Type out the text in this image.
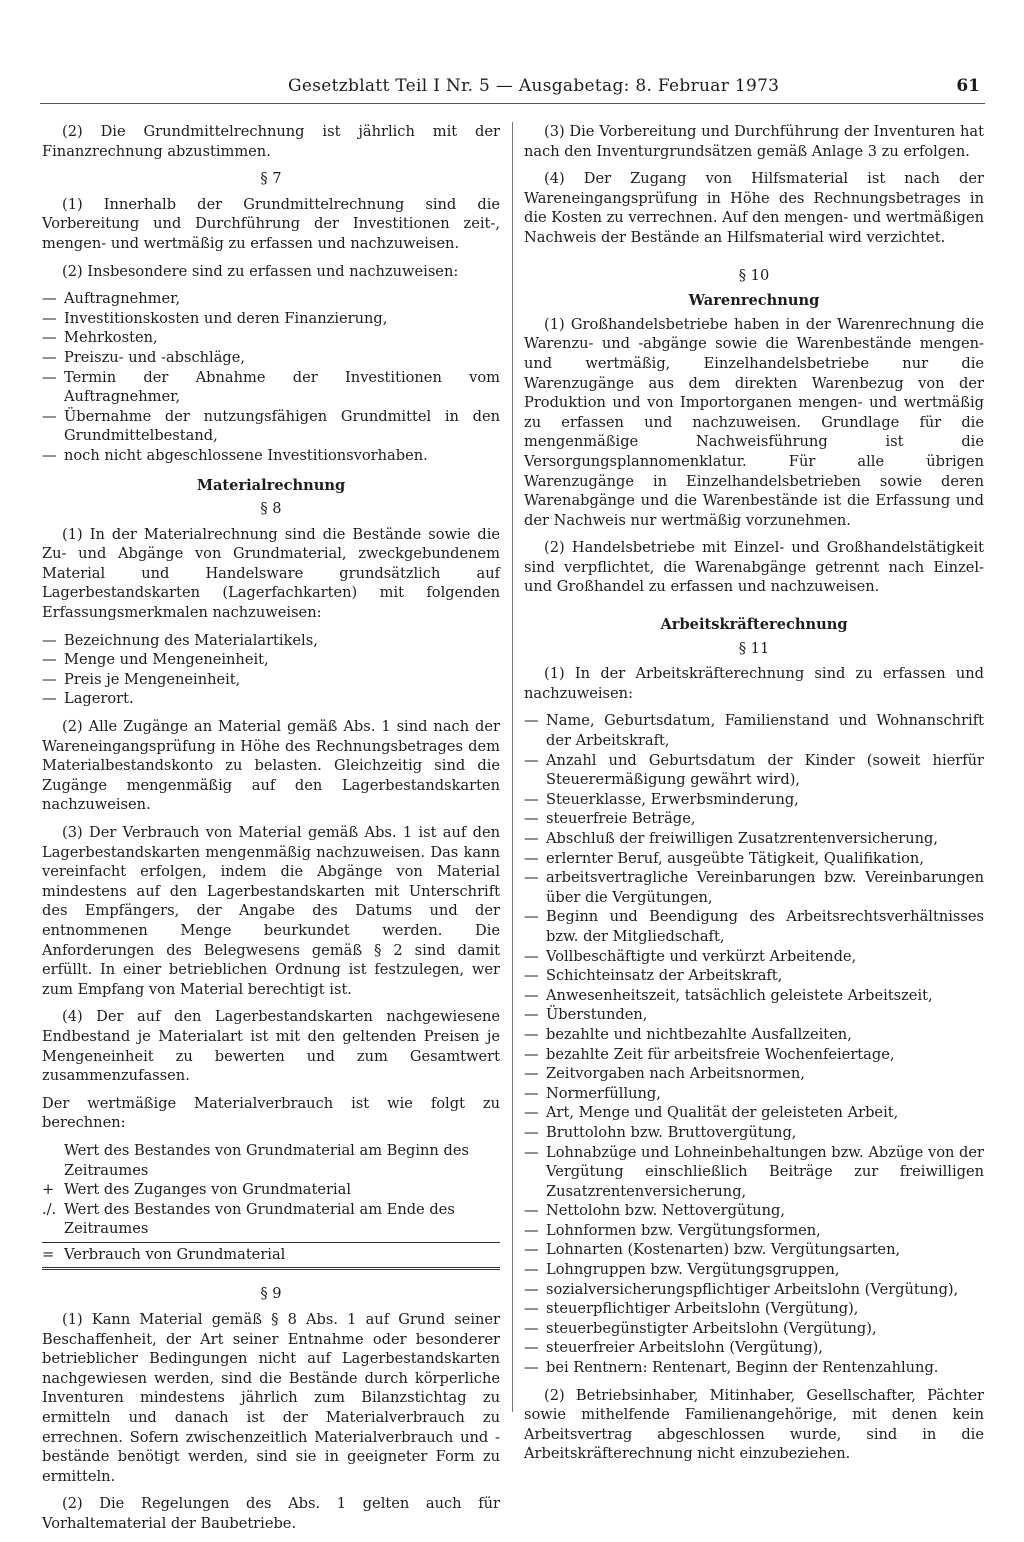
Gesetzblatt Teil I Nr. 5 — Ausgabetag: 8. Februar 1973	61

(2) Die Grundmittelrechnung ist jährlich mit der Finanzrechnung abzustimmen.

§ 7

(1) Innerhalb der Grundmittelrechnung sind die Vorbereitung und Durchführung der Investitionen zeit-, mengen- und wertmäßig zu erfassen und nachzuweisen.

(2) Insbesondere sind zu erfassen und nachzuweisen:

— Auftragnehmer,
— Investitionskosten und deren Finanzierung,
— Mehrkosten,
— Preiszu- und -abschläge,
— Termin der Abnahme der Investitionen vom Auftragnehmer,
— Übernahme der nutzungsfähigen Grundmittel in den Grundmittelbestand,
— noch nicht abgeschlossene Investitionsvorhaben.
Materialrechnung
§ 8

(1) In der Materialrechnung sind die Bestände sowie die Zu- und Abgänge von Grundmaterial, zweckgebundenem Material und Handelsware grundsätzlich auf Lagerbestandskarten (Lagerfachkarten) mit folgenden Erfassungsmerkmalen nachzuweisen:

— Bezeichnung des Materialartikels,
— Menge und Mengeneinheit,
— Preis je Mengeneinheit,
— Lagerort.

(2) Alle Zugänge an Material gemäß Abs. 1 sind nach der Wareneingangsprüfung in Höhe des Rechnungsbetrages dem Materialbestandskonto zu belasten. Gleichzeitig sind die Zugänge mengenmäßig auf den Lagerbestandskarten nachzuweisen.

(3) Der Verbrauch von Material gemäß Abs. 1 ist auf den Lagerbestandskarten mengenmäßig nachzuweisen. Das kann vereinfacht erfolgen, indem die Abgänge von Material mindestens auf den Lagerbestandskarten mit Unterschrift des Empfängers, der Angabe des Datums und der entnommenen Menge beurkundet werden. Die Anforderungen des Belegwesens gemäß § 2 sind damit erfüllt. In einer betrieblichen Ordnung ist festzulegen, wer zum Empfang von Material berechtigt ist.

(4) Der auf den Lagerbestandskarten nachgewiesene Endbestand je Materialart ist mit den geltenden Preisen je Mengeneinheit zu bewerten und zum Gesamtwert zusammenzufassen.

Der wertmäßige Materialverbrauch ist wie folgt zu berechnen:

Wert des Bestandes von Grundmaterial am Beginn des Zeitraumes
+ Wert des Zuganges von Grundmaterial
./. Wert des Bestandes von Grundmaterial am Ende des Zeitraumes
= Verbrauch von Grundmaterial
§ 9

(1) Kann Material gemäß § 8 Abs. 1 auf Grund seiner Beschaffenheit, der Art seiner Entnahme oder besonderer betrieblicher Bedingungen nicht auf Lagerbestandskarten nachgewiesen werden, sind die Bestände durch körperliche Inventuren mindestens jährlich zum Bilanzstichtag zu ermitteln und danach ist der Materialverbrauch zu errechnen. Sofern zwischenzeitlich Materialverbrauch und -bestände benötigt werden, sind sie in geeigneter Form zu ermitteln.

(2) Die Regelungen des Abs. 1 gelten auch für Vorhaltematerial der Baubetriebe.

(3) Die Vorbereitung und Durchführung der Inventuren hat nach den Inventurgrundsätzen gemäß Anlage 3 zu erfolgen.

(4) Der Zugang von Hilfsmaterial ist nach der Wareneingangsprüfung in Höhe des Rechnungsbetrages in die Kosten zu verrechnen. Auf den mengen- und wertmäßigen Nachweis der Bestände an Hilfsmaterial wird verzichtet.

§ 10
Warenrechnung

(1) Großhandelsbetriebe haben in der Warenrechnung die Warenzu- und -abgänge sowie die Warenbestände mengen- und wertmäßig, Einzelhandelsbetriebe nur die Warenzugänge aus dem direkten Warenbezug von der Produktion und von Importorganen mengen- und wertmäßig zu erfassen und nachzuweisen. Grundlage für die mengenmäßige Nachweisführung ist die Versorgungsplannomenklatur. Für alle übrigen Warenzugänge in Einzelhandelsbetrieben sowie deren Warenabgänge und die Warenbestände ist die Erfassung und der Nachweis nur wertmäßig vorzunehmen.

(2) Handelsbetriebe mit Einzel- und Großhandelstätigkeit sind verpflichtet, die Warenabgänge getrennt nach Einzel- und Großhandel zu erfassen und nachzuweisen.

Arbeitskräfterechnung
§ 11

(1) In der Arbeitskräfterechnung sind zu erfassen und nachzuweisen:

— Name, Geburtsdatum, Familienstand und Wohnanschrift der Arbeitskraft,
— Anzahl und Geburtsdatum der Kinder (soweit hierfür Steuerermäßigung gewährt wird),
— Steuerklasse, Erwerbsminderung,
— steuerfreie Beträge,
— Abschluß der freiwilligen Zusatzrentenversicherung,
— erlernter Beruf, ausgeübte Tätigkeit, Qualifikation,
— arbeitsvertragliche Vereinbarungen bzw. Vereinbarungen über die Vergütungen,
— Beginn und Beendigung des Arbeitsrechtsverhältnisses bzw. der Mitgliedschaft,
— Vollbeschäftigte und verkürzt Arbeitende,
— Schichteinsatz der Arbeitskraft,
— Anwesenheitszeit, tatsächlich geleistete Arbeitszeit,
— Überstunden,
— bezahlte und nichtbezahlte Ausfallzeiten,
— bezahlte Zeit für arbeitsfreie Wochenfeiertage,
— Zeitvorgaben nach Arbeitsnormen,
— Normerfüllung,
— Art, Menge und Qualität der geleisteten Arbeit,
— Bruttolohn bzw. Bruttovergütung,
— Lohnabzüge und Lohneinbehaltungen bzw. Abzüge von der Vergütung einschließlich Beiträge zur freiwilligen Zusatzrentenversicherung,
— Nettolohn bzw. Nettovergütung,
— Lohnformen bzw. Vergütungsformen,
— Lohnarten (Kostenarten) bzw. Vergütungsarten,
— Lohngruppen bzw. Vergütungsgruppen,
— sozialversicherungspflichtiger Arbeitslohn (Vergütung),
— steuerpflichtiger Arbeitslohn (Vergütung),
— steuerbegünstigter Arbeitslohn (Vergütung),
— steuerfreier Arbeitslohn (Vergütung),
— bei Rentnern: Rentenart, Beginn der Rentenzahlung.

(2) Betriebsinhaber, Mitinhaber, Gesellschafter, Pächter sowie mithelfende Familienangehörige, mit denen kein Arbeitsvertrag abgeschlossen wurde, sind in die Arbeitskräfterechnung nicht einzubeziehen.
